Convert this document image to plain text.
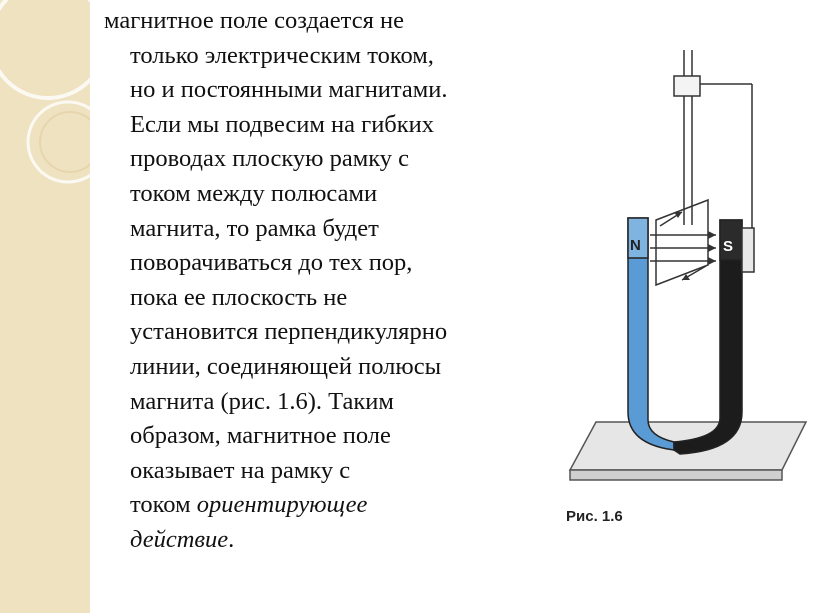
магнитное поле создается не
только электрическим током,
но и постоянными магнитами.
Если мы подвесим на гибких
проводах плоскую рамку с
током между полюсами
магнита, то рамка будет
поворачиваться до тех пор,
пока ее плоскость не
установится перпендикулярно
линии, соединяющей полюсы
магнита (рис. 1.6). Таким
образом, магнитное поле
оказывает на рамку с
током ориентирующее
действие.

N	S
Рис. 1.6
